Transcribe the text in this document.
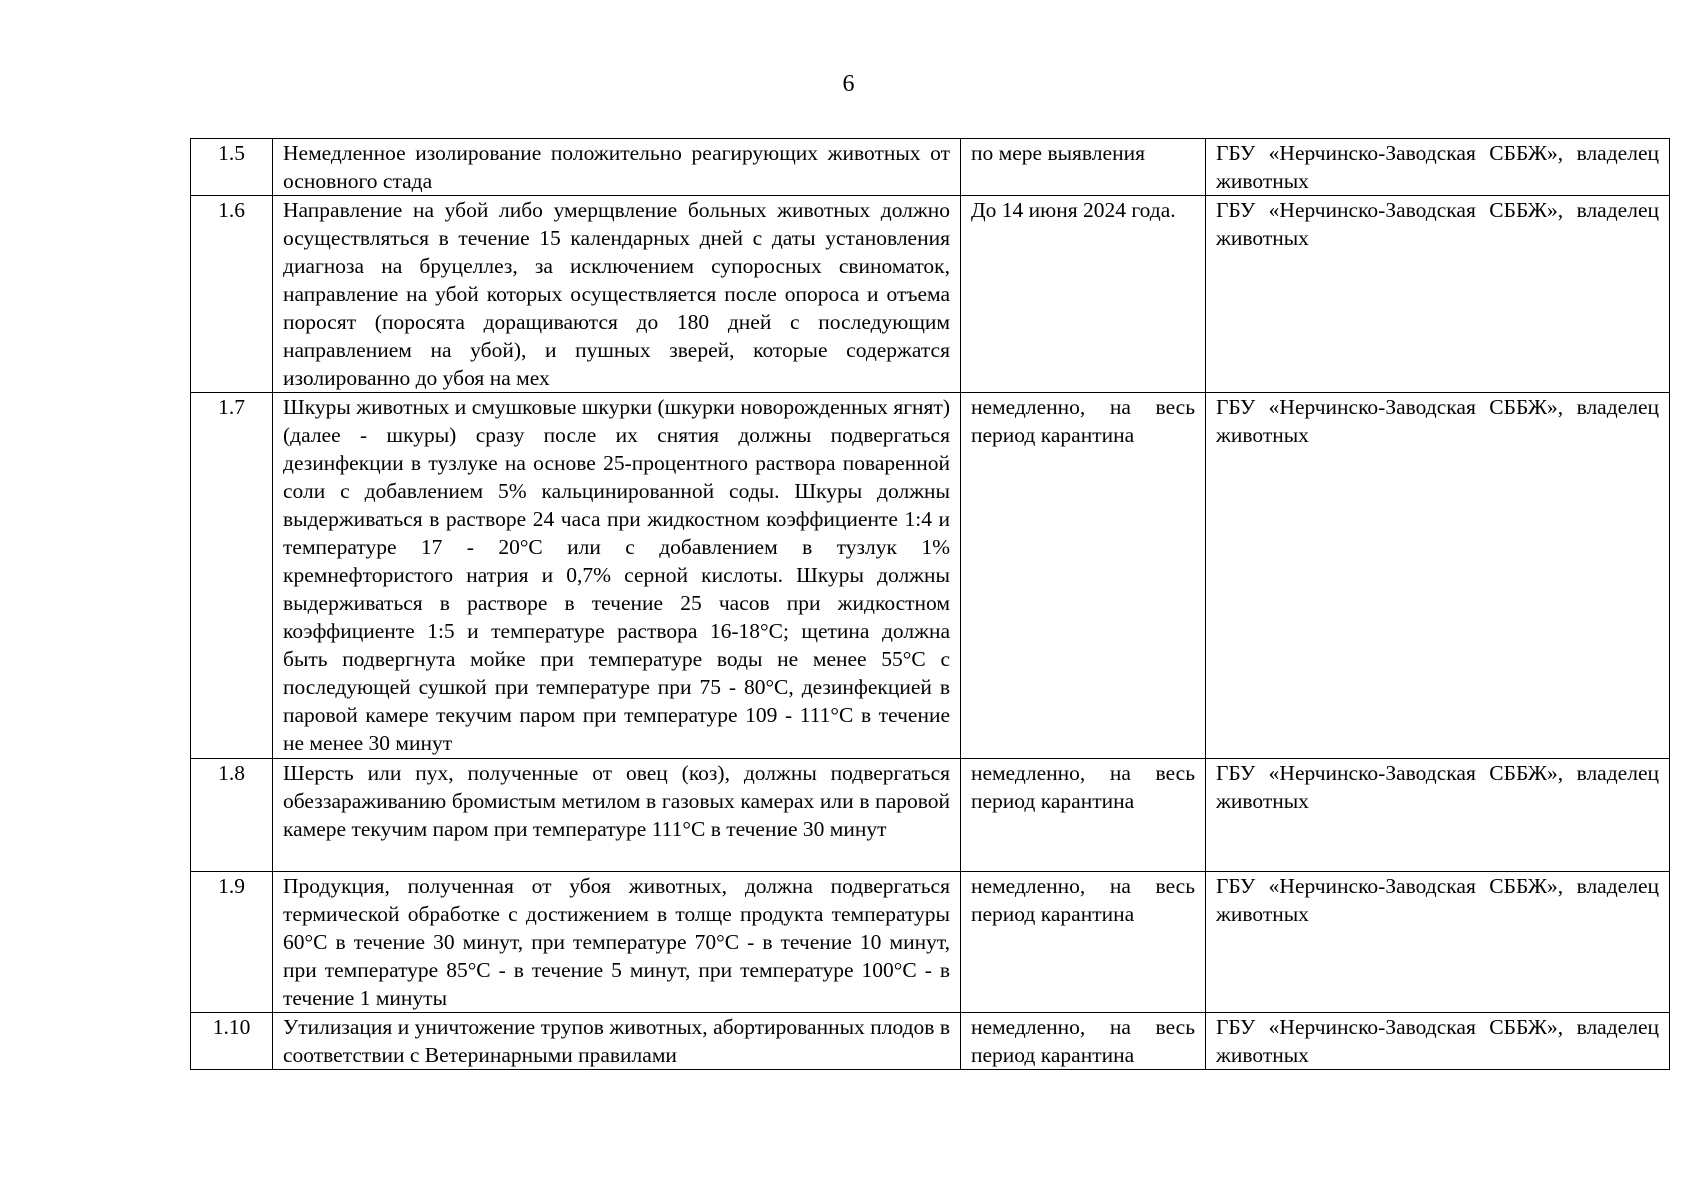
6
1.5	Немедленное изолирование положительно реагирующих животных от основного стада	по мере выявления	ГБУ «Нерчинско-Заводская СББЖ», владелец животных
1.6	Направление на убой либо умерщвление больных животных должно осуществляться в течение 15 календарных дней с даты установления диагноза на бруцеллез, за исключением супоросных свиноматок, направление на убой которых осуществляется после опороса и отъема поросят (поросята доращиваются до 180 дней с последующим направлением на убой), и пушных зверей, которые содержатся изолированно до убоя на мех	До 14 июня 2024 года.	ГБУ «Нерчинско-Заводская СББЖ», владелец животных
1.7	Шкуры животных и смушковые шкурки (шкурки новорожденных ягнят) (далее - шкуры) сразу после их снятия должны подвергаться дезинфекции в тузлуке на основе 25-процентного раствора поваренной соли с добавлением 5% кальцинированной соды. Шкуры должны выдерживаться в растворе 24 часа при жидкостном коэффициенте 1:4 и температуре 17 - 20°С или с добавлением в тузлук 1% кремнефтористого натрия и 0,7% серной кислоты. Шкуры должны выдерживаться в растворе в течение 25 часов при жидкостном коэффициенте 1:5 и температуре раствора 16-18°С; щетина должна быть подвергнута мойке при температуре воды не менее 55°С с последующей сушкой при температуре при 75 - 80°С, дезинфекцией в паровой камере текучим паром при температуре 109 - 111°С в течение не менее 30 минут	немедленно, на весь период карантина	ГБУ «Нерчинско-Заводская СББЖ», владелец животных
1.8	Шерсть или пух, полученные от овец (коз), должны подвергаться обеззараживанию бромистым метилом в газовых камерах или в паровой камере текучим паром при температуре 111°С в течение 30 минут	немедленно, на весь период карантина	ГБУ «Нерчинско-Заводская СББЖ», владелец животных
1.9	Продукция, полученная от убоя животных, должна подвергаться термической обработке с достижением в толще продукта температуры 60°С в течение 30 минут, при температуре 70°С - в течение 10 минут, при температуре 85°С - в течение 5 минут, при температуре 100°С - в течение 1 минуты	немедленно, на весь период карантина	ГБУ «Нерчинско-Заводская СББЖ», владелец животных
1.10	Утилизация и уничтожение трупов животных, абортированных плодов в соответствии с Ветеринарными правилами	немедленно, на весь период карантина	ГБУ «Нерчинско-Заводская СББЖ», владелец животных
